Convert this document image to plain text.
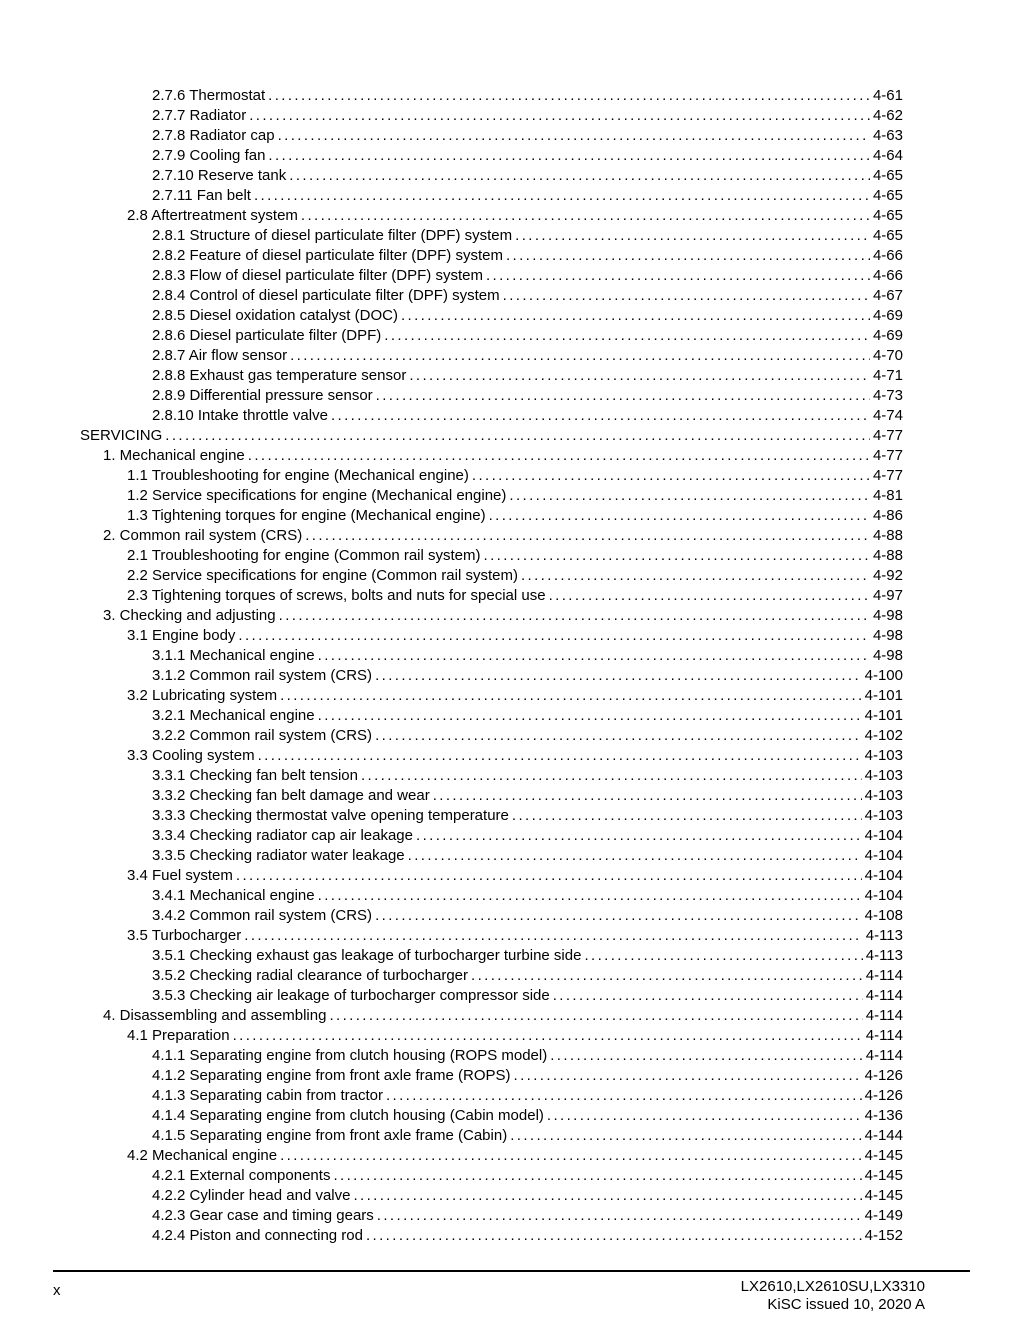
2.7.6 Thermostat .....	4-61
2.7.7 Radiator .....	4-62
2.7.8 Radiator cap .....	4-63
2.7.9 Cooling fan .....	4-64
2.7.10 Reserve tank .....	4-65
2.7.11 Fan belt .....	4-65
2.8 Aftertreatment system .....	4-65
2.8.1 Structure of diesel particulate filter (DPF) system .....	4-65
2.8.2 Feature of diesel particulate filter (DPF) system .....	4-66
2.8.3 Flow of diesel particulate filter (DPF) system .....	4-66
2.8.4 Control of diesel particulate filter (DPF) system .....	4-67
2.8.5 Diesel oxidation catalyst (DOC) .....	4-69
2.8.6 Diesel particulate filter (DPF) .....	4-69
2.8.7 Air flow sensor .....	4-70
2.8.8 Exhaust gas temperature sensor .....	4-71
2.8.9 Differential pressure sensor .....	4-73
2.8.10 Intake throttle valve .....	4-74
SERVICING .....	4-77
1. Mechanical engine .....	4-77
1.1 Troubleshooting for engine (Mechanical engine) .....	4-77
1.2 Service specifications for engine (Mechanical engine) .....	4-81
1.3 Tightening torques for engine (Mechanical engine) .....	4-86
2. Common rail system (CRS) .....	4-88
2.1 Troubleshooting for engine (Common rail system) .....	4-88
2.2 Service specifications for engine (Common rail system) .....	4-92
2.3 Tightening torques of screws, bolts and nuts for special use .....	4-97
3. Checking and adjusting .....	4-98
3.1 Engine body .....	4-98
3.1.1 Mechanical engine .....	4-98
3.1.2 Common rail system (CRS) .....	4-100
3.2 Lubricating system .....	4-101
3.2.1 Mechanical engine .....	4-101
3.2.2 Common rail system (CRS) .....	4-102
3.3 Cooling system .....	4-103
3.3.1 Checking fan belt tension .....	4-103
3.3.2 Checking fan belt damage and wear .....	4-103
3.3.3 Checking thermostat valve opening temperature .....	4-103
3.3.4 Checking radiator cap air leakage .....	4-104
3.3.5 Checking radiator water leakage .....	4-104
3.4 Fuel system .....	4-104
3.4.1 Mechanical engine .....	4-104
3.4.2 Common rail system (CRS) .....	4-108
3.5 Turbocharger .....	4-113
3.5.1 Checking exhaust gas leakage of turbocharger turbine side .....	4-113
3.5.2 Checking radial clearance of turbocharger .....	4-114
3.5.3 Checking air leakage of turbocharger compressor side .....	4-114
4. Disassembling and assembling .....	4-114
4.1 Preparation .....	4-114
4.1.1 Separating engine from clutch housing (ROPS model) .....	4-114
4.1.2 Separating engine from front axle frame (ROPS) .....	4-126
4.1.3 Separating cabin from tractor .....	4-126
4.1.4 Separating engine from clutch housing (Cabin model) .....	4-136
4.1.5 Separating engine from front axle frame (Cabin) .....	4-144
4.2 Mechanical engine .....	4-145
4.2.1 External components .....	4-145
4.2.2 Cylinder head and valve .....	4-145
4.2.3 Gear case and timing gears .....	4-149
4.2.4 Piston and connecting rod .....	4-152
x	LX2610,LX2610SU,LX3310
KiSC issued 10, 2020 A
